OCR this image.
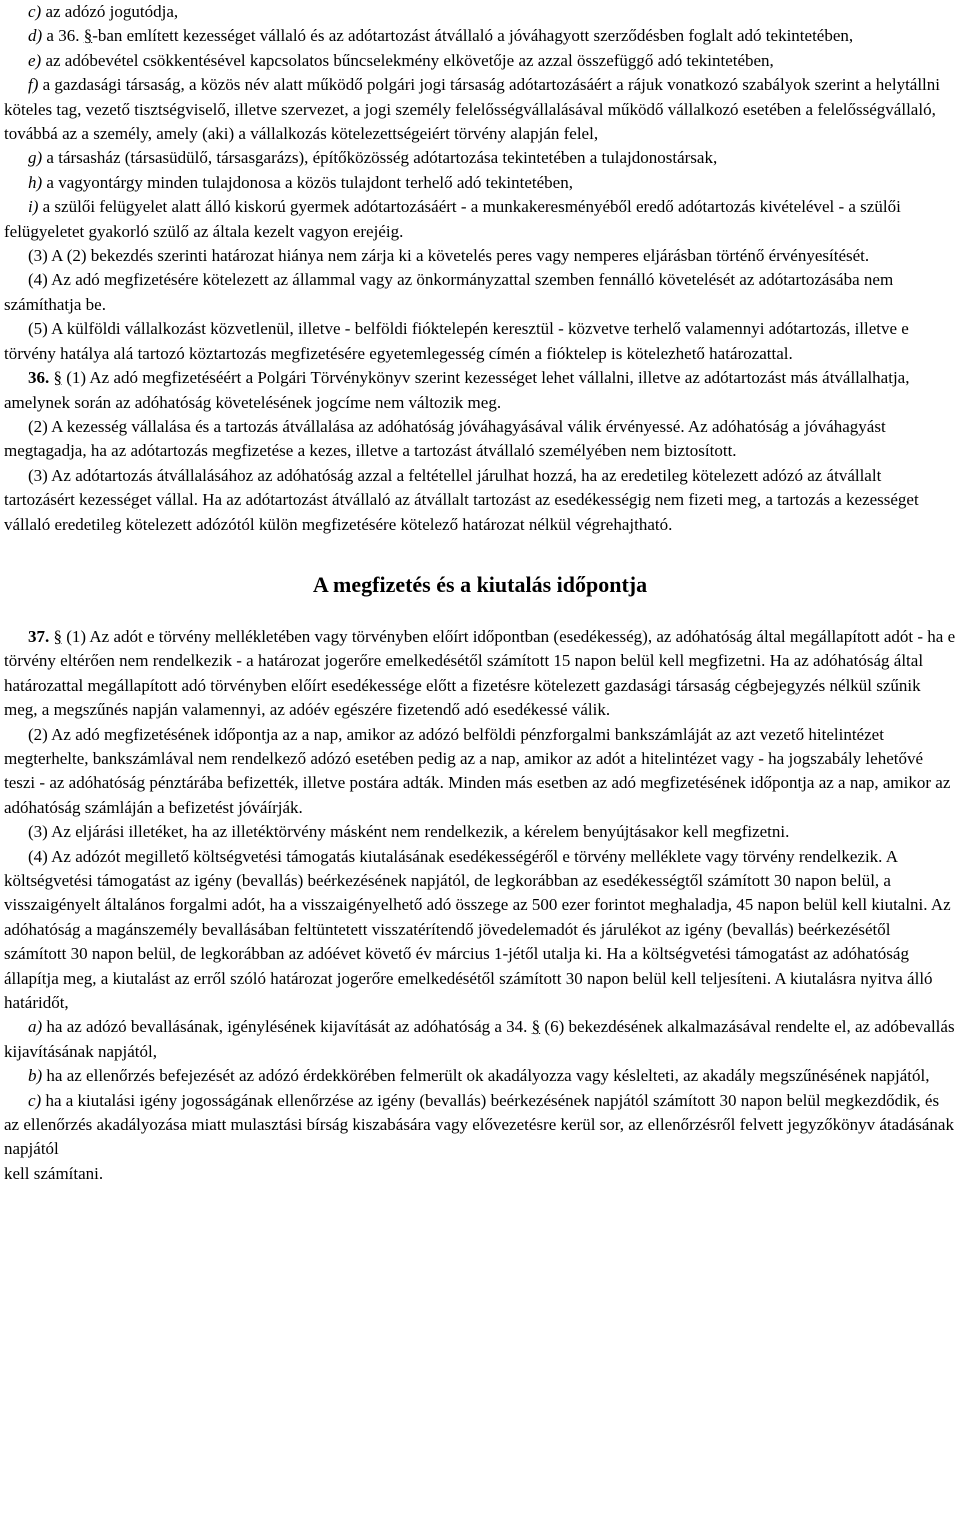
c) az adózó jogutódja,

d) a 36. §-ban említett kezességet vállaló és az adótartozást átvállaló a jóváhagyott szerződésben foglalt adó tekintetében,

e) az adóbevétel csökkentésével kapcsolatos bűncselekmény elkövetője az azzal összefüggő adó tekintetében,

f) a gazdasági társaság, a közös név alatt működő polgári jogi társaság adótartozásáért a rájuk vonatkozó szabályok szerint a helytállni köteles tag, vezető tisztségviselő, illetve szervezet, a jogi személy felelősségvállalásával működő vállalkozó esetében a felelősségvállaló, továbbá az a személy, amely (aki) a vállalkozás kötelezettségeiért törvény alapján felel,

g) a társasház (társasüdülő, társasgarázs), építőközösség adótartozása tekintetében a tulajdonostársak,

h) a vagyontárgy minden tulajdonosa a közös tulajdont terhelő adó tekintetében,

i) a szülői felügyelet alatt álló kiskorú gyermek adótartozásáért - a munkakeresményéből eredő adótartozás kivételével - a szülői felügyeletet gyakorló szülő az általa kezelt vagyon erejéig.

(3) A (2) bekezdés szerinti határozat hiánya nem zárja ki a követelés peres vagy nemperes eljárásban történő érvényesítését.

(4) Az adó megfizetésére kötelezett az állammal vagy az önkormányzattal szemben fennálló követelését az adótartozásába nem számíthatja be.

(5) A külföldi vállalkozást közvetlenül, illetve - belföldi fióktelepén keresztül - közvetve terhelő valamennyi adótartozás, illetve e törvény hatálya alá tartozó köztartozás megfizetésére egyetemlegesség címén a fióktelep is kötelezhető határozattal.

36. § (1) Az adó megfizetéséért a Polgári Törvénykönyv szerint kezességet lehet vállalni, illetve az adótartozást más átvállalhatja, amelynek során az adóhatóság követelésének jogcíme nem változik meg.

(2) A kezesség vállalása és a tartozás átvállalása az adóhatóság jóváhagyásával válik érvényessé. Az adóhatóság a jóváhagyást megtagadja, ha az adótartozás megfizetése a kezes, illetve a tartozást átvállaló személyében nem biztosított.

(3) Az adótartozás átvállalásához az adóhatóság azzal a feltétellel járulhat hozzá, ha az eredetileg kötelezett adózó az átvállalt tartozásért kezességet vállal. Ha az adótartozást átvállaló az átvállalt tartozást az esedékességig nem fizeti meg, a tartozás a kezességet vállaló eredetileg kötelezett adózótól külön megfizetésére kötelező határozat nélkül végrehajtható.

A megfizetés és a kiutalás időpontja

37. § (1) Az adót e törvény mellékletében vagy törvényben előírt időpontban (esedékesség), az adóhatóság által megállapított adót - ha e törvény eltérően nem rendelkezik - a határozat jogerőre emelkedésétől számított 15 napon belül kell megfizetni. Ha az adóhatóság által határozattal megállapított adó törvényben előírt esedékessége előtt a fizetésre kötelezett gazdasági társaság cégbejegyzés nélkül szűnik meg, a megszűnés napján valamennyi, az adóév egészére fizetendő adó esedékessé válik.

(2) Az adó megfizetésének időpontja az a nap, amikor az adózó belföldi pénzforgalmi bankszámláját az azt vezető hitelintézet megterhelte, bankszámlával nem rendelkező adózó esetében pedig az a nap, amikor az adót a hitelintézet vagy - ha jogszabály lehetővé teszi - az adóhatóság pénztárába befizették, illetve postára adták. Minden más esetben az adó megfizetésének időpontja az a nap, amikor az adóhatóság számláján a befizetést jóváírják.

(3) Az eljárási illetéket, ha az illetéktörvény másként nem rendelkezik, a kérelem benyújtásakor kell megfizetni.

(4) Az adózót megillető költségvetési támogatás kiutalásának esedékességéről e törvény melléklete vagy törvény rendelkezik. A költségvetési támogatást az igény (bevallás) beérkezésének napjától, de legkorábban az esedékességtől számított 30 napon belül, a visszaigényelt általános forgalmi adót, ha a visszaigényelhető adó összege az 500 ezer forintot meghaladja, 45 napon belül kell kiutalni. Az adóhatóság a magánszemély bevallásában feltüntetett visszatérítendő jövedelemadót és járulékot az igény (bevallás) beérkezésétől számított 30 napon belül, de legkorábban az adóévet követő év március 1-jétől utalja ki. Ha a költségvetési támogatást az adóhatóság állapítja meg, a kiutalást az erről szóló határozat jogerőre emelkedésétől számított 30 napon belül kell teljesíteni. A kiutalásra nyitva álló határidőt,

a) ha az adózó bevallásának, igénylésének kijavítását az adóhatóság a 34. § (6) bekezdésének alkalmazásával rendelte el, az adóbevallás kijavításának napjától,

b) ha az ellenőrzés befejezését az adózó érdekkörében felmerült ok akadályozza vagy késlelteti, az akadály megszűnésének napjától,

c) ha a kiutalási igény jogosságának ellenőrzése az igény (bevallás) beérkezésének napjától számított 30 napon belül megkezdődik, és az ellenőrzés akadályozása miatt mulasztási bírság kiszabására vagy elővezetésre kerül sor, az ellenőrzésről felvett jegyzőkönyv átadásának napjától

kell számítani.
